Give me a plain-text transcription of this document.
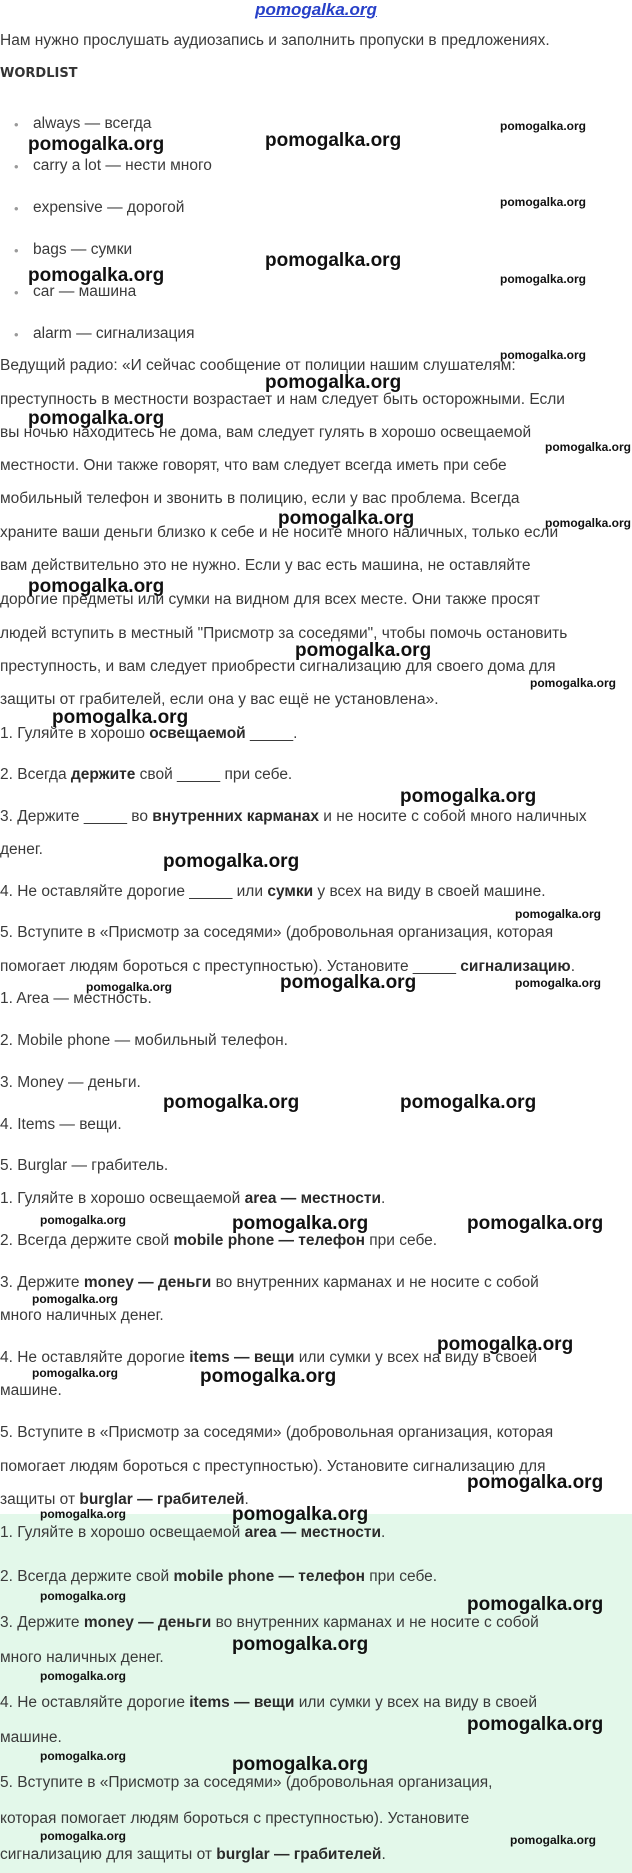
pomogalka.org
Нам нужно прослушать аудиозапись и заполнить пропуски в предложениях.
WORDLIST
• always — всегда
• carry a lot — нести много
• expensive — дорогой
• bags — сумки
• car — машина
• alarm — сигнализация
Ведущий радио: «И сейчас сообщение от полиции нашим слушателям:
преступность в местности возрастает и нам следует быть осторожными. Если
вы ночью находитесь не дома, вам следует гулять в хорошо освещаемой
местности. Они также говорят, что вам следует всегда иметь при себе
мобильный телефон и звонить в полицию, если у вас проблема. Всегда
храните ваши деньги близко к себе и не носите много наличных, только если
вам действительно это не нужно. Если у вас есть машина, не оставляйте
дорогие предметы или сумки на видном для всех месте. Они также просят
людей вступить в местный "Присмотр за соседями", чтобы помочь остановить
преступность, и вам следует приобрести сигнализацию для своего дома для
защиты от грабителей, если она у вас ещё не установлена».
1. Гуляйте в хорошо освещаемой _____.
2. Всегда держите свой _____ при себе.
3. Держите _____ во внутренних карманах и не носите с собой много наличных
денег.
4. Не оставляйте дорогие _____ или сумки у всех на виду в своей машине.
5. Вступите в «Присмотр за соседями» (добровольная организация, которая
помогает людям бороться с преступностью). Установите _____ сигнализацию.
1. Area — местность.
2. Mobile phone — мобильный телефон.
3. Money — деньги.
4. Items — вещи.
5. Burglar — грабитель.
1. Гуляйте в хорошо освещаемой area — местности.
2. Всегда держите свой mobile phone — телефон при себе.
3. Держите money — деньги во внутренних карманах и не носите с собой
много наличных денег.
4. Не оставляйте дорогие items — вещи или сумки у всех на виду в своей
машине.
5. Вступите в «Присмотр за соседями» (добровольная организация, которая
помогает людям бороться с преступностью). Установите сигнализацию для
защиты от burglar — грабителей.
1. Гуляйте в хорошо освещаемой area — местности.
2. Всегда держите свой mobile phone — телефон при себе.
3. Держите money — деньги во внутренних карманах и не носите с собой
много наличных денег.
4. Не оставляйте дорогие items — вещи или сумки у всех на виду в своей
машине.
5. Вступите в «Присмотр за соседями» (добровольная организация,
которая помогает людям бороться с преступностью). Установите
сигнализацию для защиты от burglar — грабителей.
pomogalka.org	pomogalka.org
pomogalka.org
pomogalka.org
pomogalka.org
pomogalka.org	pomogalka.org
pomogalka.org
pomogalka.org
pomogalka.org
pomogalka.org
pomogalka.org	pomogalka.org
pomogalka.org
pomogalka.org
pomogalka.org
pomogalka.org
pomogalka.org
pomogalka.org
pomogalka.org
pomogalka.org
pomogalka.org	pomogalka.org
pomogalka.org	pomogalka.org
pomogalka.org	pomogalka.org	pomogalka.org
pomogalka.org
pomogalka.org
pomogalka.org	pomogalka.org
pomogalka.org
pomogalka.org	pomogalka.org
pomogalka.org	pomogalka.org
pomogalka.org
pomogalka.org
pomogalka.org
pomogalka.org	pomogalka.org
pomogalka.org	pomogalka.org
